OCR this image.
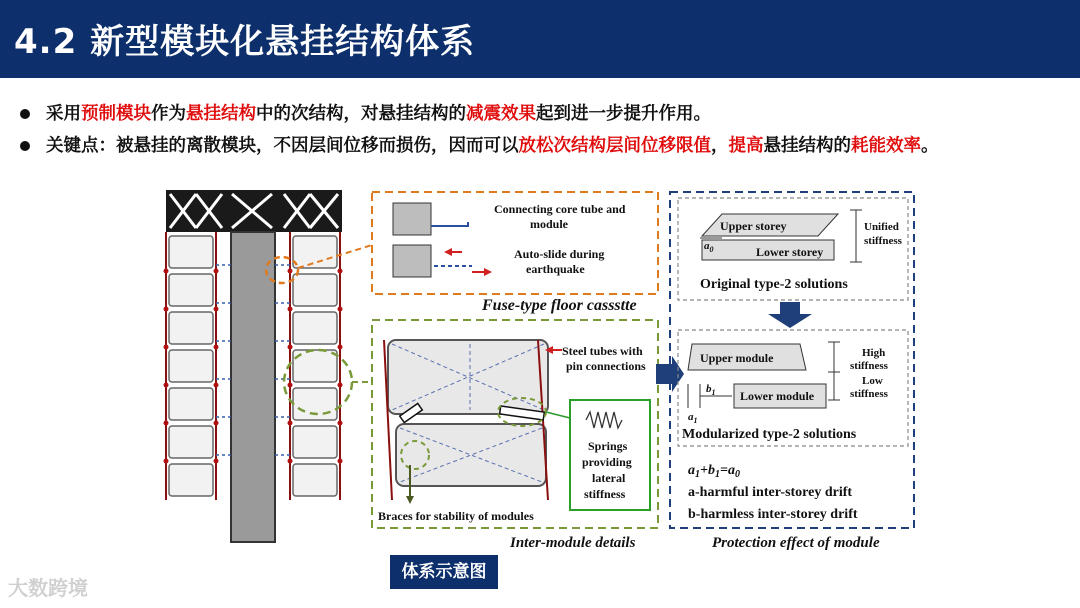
4.2 新型模块化悬挂结构体系
采用预制模块作为悬挂结构中的次结构，对悬挂结构的减震效果起到进一步提升作用。
关键点：被悬挂的离散模块，不因层间位移而损伤，因而可以放松次结构层间位移限值，提高悬挂结构的耗能效率。
Connecting core tube and
module
Auto-slide during
earthquake
Fuse-type floor cassstte
Springs
providing
lateral
stiffness
Steel tubes with
pin connections
Braces for stability of modules
Inter-module details
Upper storey
Lower storey
$a_0$
Unified
stiffness
Original type-2 solutions
Upper module
Lower module
$b_1$
$a_1$
High
stiffness
Low
stiffness
Modularized type-2 solutions
$a_1+b_1=a_0$
a-harmful inter-storey drift
b-harmless inter-storey drift
Protection effect of module
体系示意图
大数跨境
